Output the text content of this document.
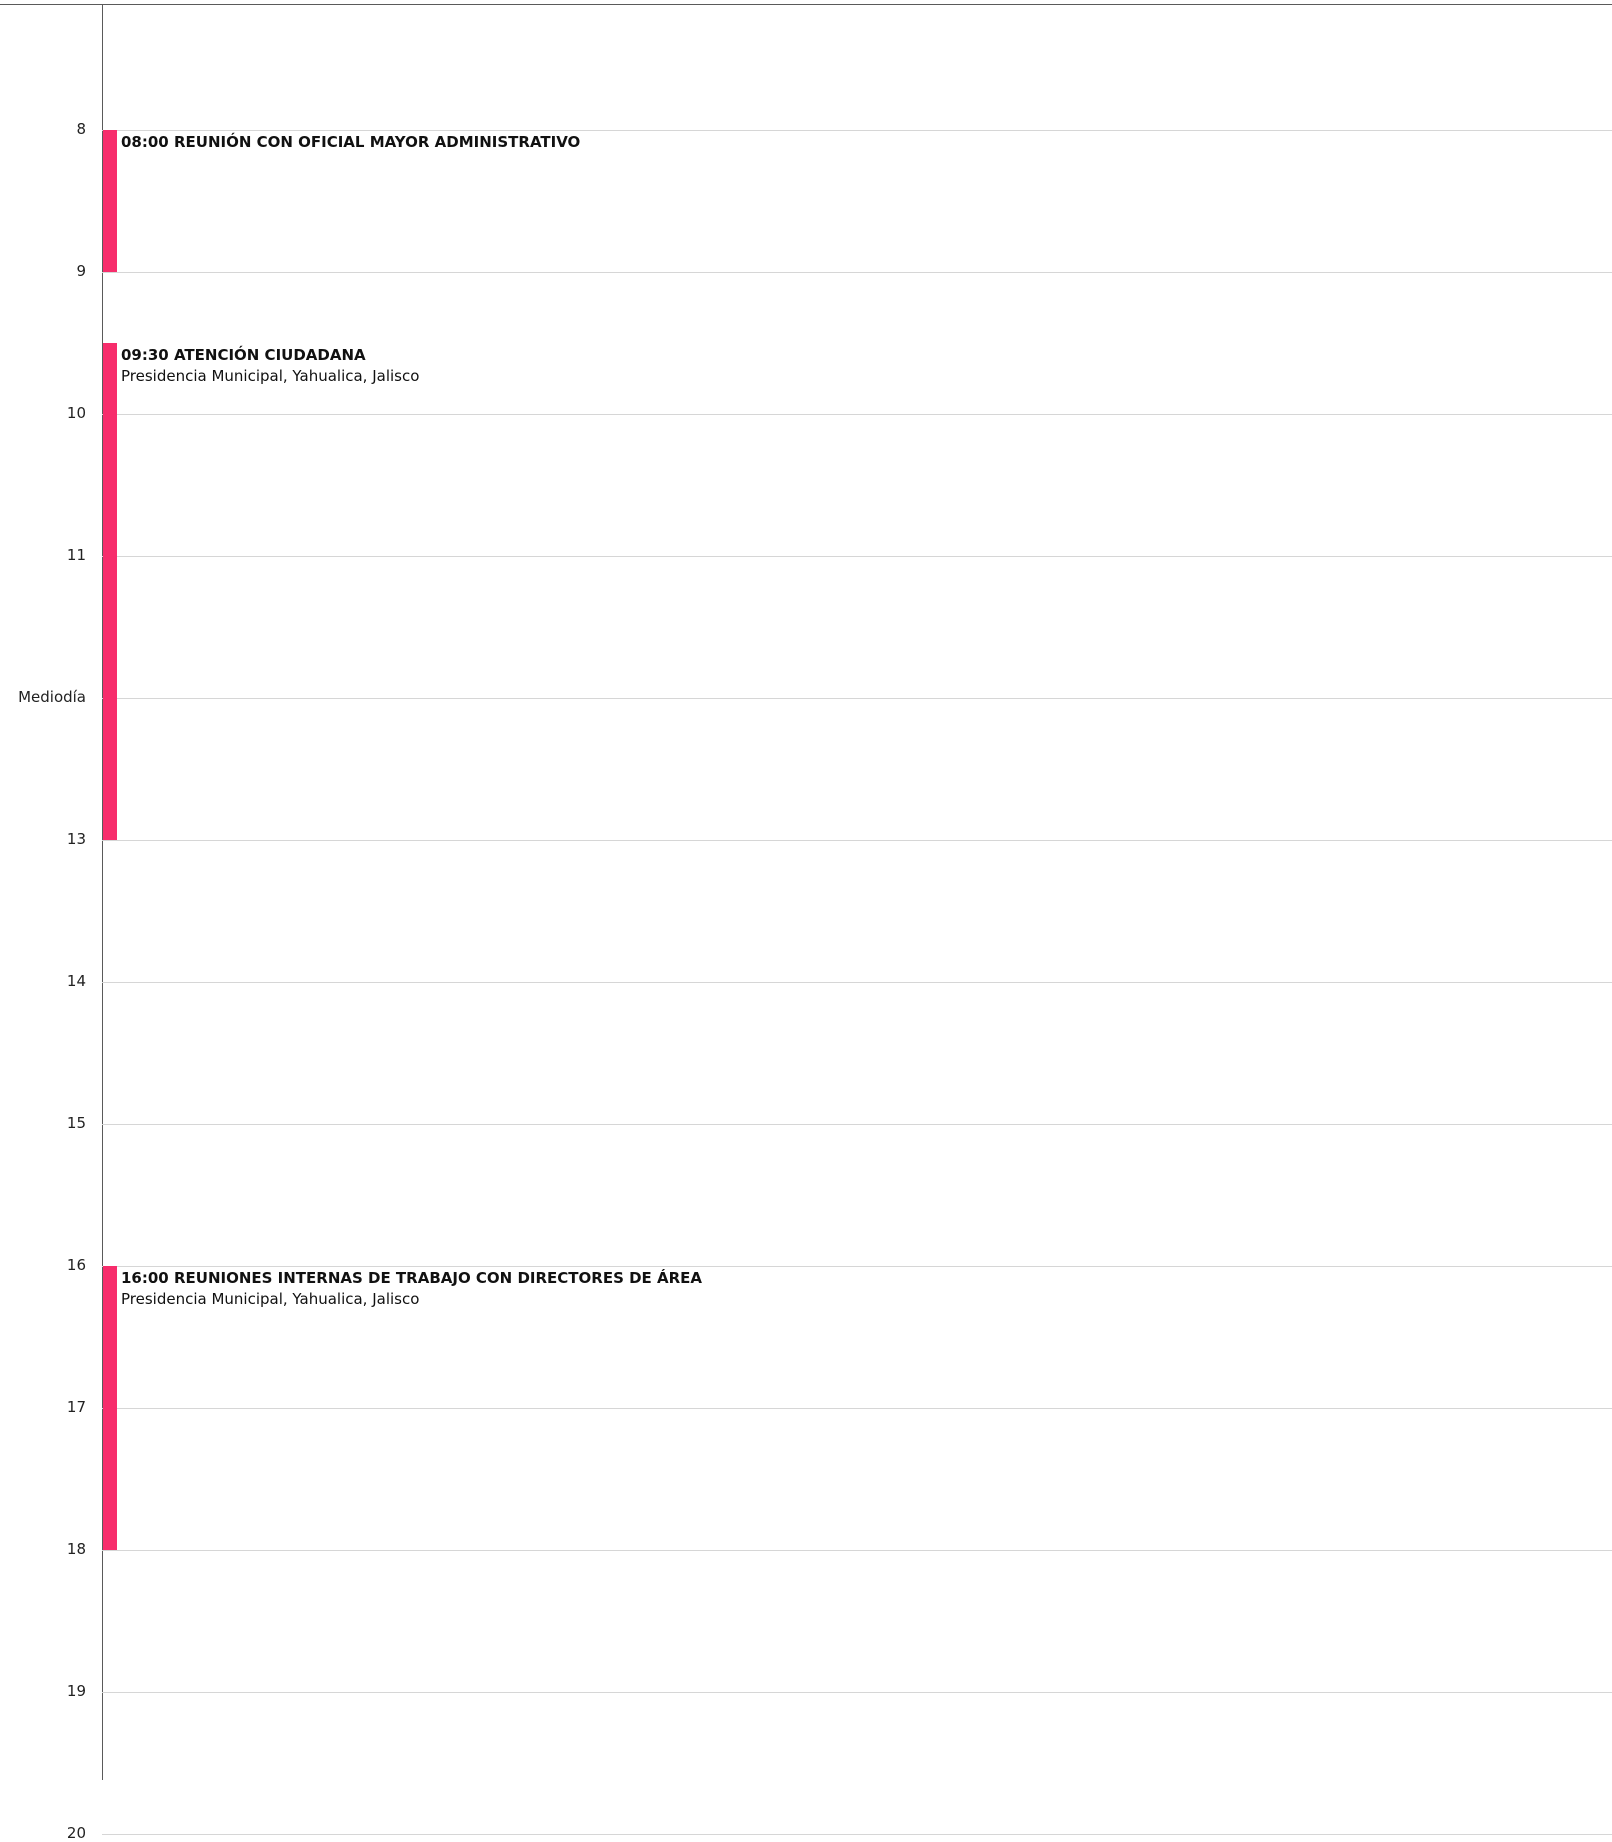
8
9
10
11
Mediodía
13
14
15
16
17
18
19
20
08:00 REUNIÓN CON OFICIAL MAYOR ADMINISTRATIVO
09:30 ATENCIÓN CIUDADANA
Presidencia Municipal, Yahualica, Jalisco
16:00 REUNIONES INTERNAS DE TRABAJO CON DIRECTORES DE ÁREA
Presidencia Municipal, Yahualica, Jalisco
